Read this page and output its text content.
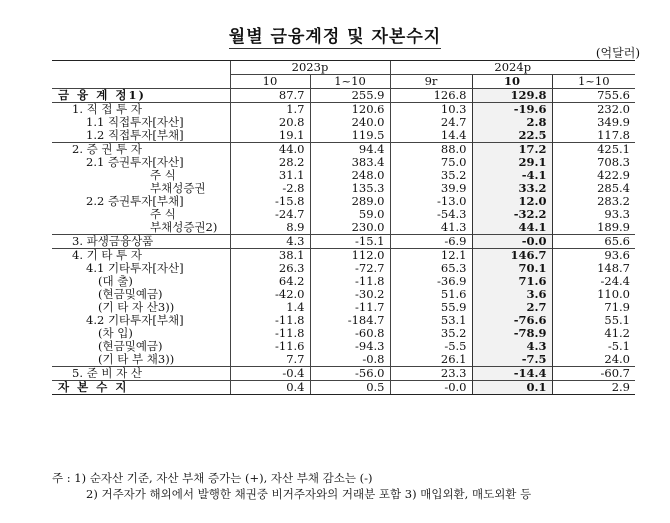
월별 금융계정 및 자본수지
(억달러)
	2023p		2024p		
	10	1~10	9r	10	1~10
금 융 계 정1)	87.7	255.9	126.8	129.8	755.6
1. 직 접 투 자	1.7	120.6	10.3	-19.6	232.0
1.1 직접투자[자산]	20.8	240.0	24.7	2.8	349.9
1.2 직접투자[부채]	19.1	119.5	14.4	22.5	117.8
2. 증 권 투 자	44.0	94.4	88.0	17.2	425.1
2.1 증권투자[자산]	28.2	383.4	75.0	29.1	708.3
주 식	31.1	248.0	35.2	-4.1	422.9
부채성증권	-2.8	135.3	39.9	33.2	285.4
2.2 증권투자[부채]	-15.8	289.0	-13.0	12.0	283.2
주 식	-24.7	59.0	-54.3	-32.2	93.3
부채성증권2)	8.9	230.0	41.3	44.1	189.9
3. 파생금융상품	4.3	-15.1	-6.9	-0.0	65.6
4. 기 타 투 자	38.1	112.0	12.1	146.7	93.6
4.1 기타투자[자산]	26.3	-72.7	65.3	70.1	148.7
(대 출)	64.2	-11.8	-36.9	71.6	-24.4
(현금및예금)	-42.0	-30.2	51.6	3.6	110.0
(기 타 자 산3))	1.4	-11.7	55.9	2.7	71.9
4.2 기타투자[부채]	-11.8	-184.7	53.1	-76.6	55.1
(차 입)	-11.8	-60.8	35.2	-78.9	41.2
(현금및예금)	-11.6	-94.3	-5.5	4.3	-5.1
(기 타 부 채3))	7.7	-0.8	26.1	-7.5	24.0
5. 준 비 자 산	-0.4	-56.0	23.3	-14.4	-60.7
자 본 수 지	0.4	0.5	-0.0	0.1	2.9
주 : 1) 순자산 기준, 자산 부채 증가는 (+), 자산 부채 감소는 (-)
2) 거주자가 해외에서 발행한 채권중 비거주자와의 거래분 포함 3) 매입외환, 매도외환 등
